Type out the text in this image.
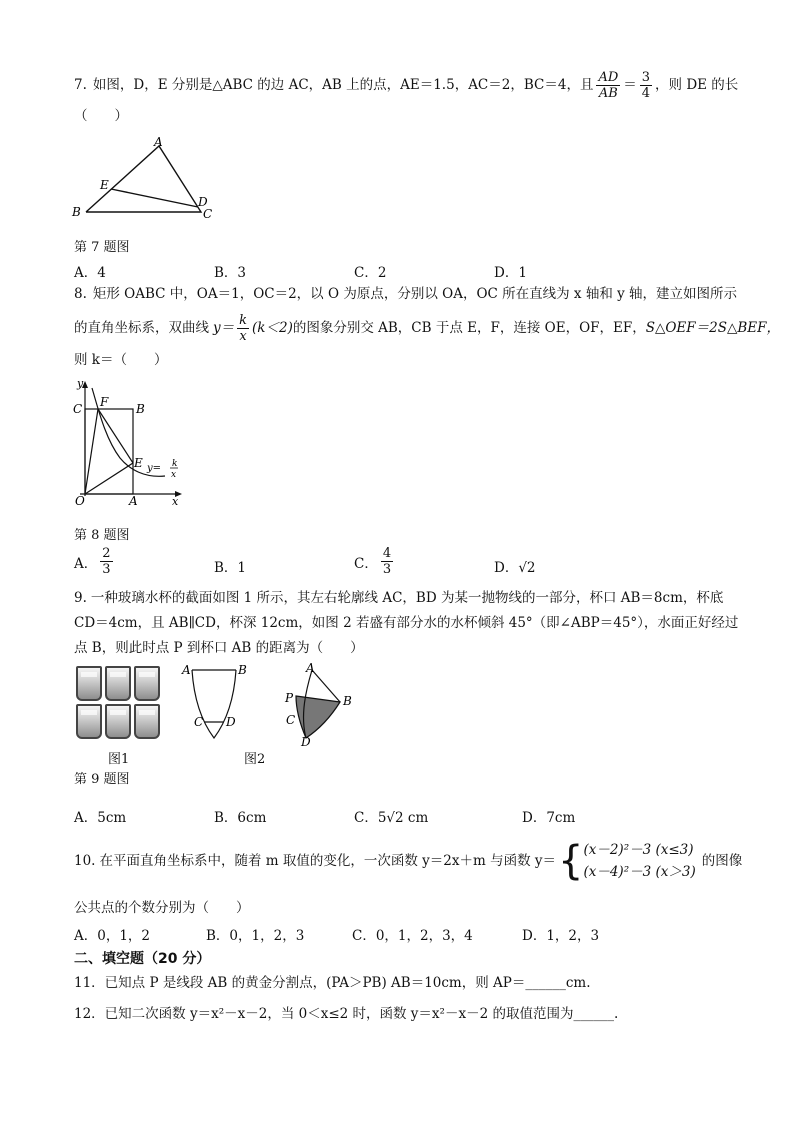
7. 如图，D，E 分别是△ABC 的边 AC，AB 上的点，AE＝1.5，AC＝2，BC＝4，且 $\frac{AD}{AB} = \frac{3}{4}$ ，则 DE 的长
（　　）
A
E
D
B	C
第 7 题图
A．4	B．3	C．2	D．1
8. 矩形 OABC 中，OA＝1，OC＝2，以 O 为原点，分别以 OA，OC 所在直线为 x 轴和 y 轴，建立如图所示
的直角坐标系，双曲线 $y= \frac{k}{x} (k<2)$ 的图象分别交 AB，CB 于点 E，F，连接 OE，OF，EF， S△OEF＝2S△BEF，
则 k＝（　　）
y
C F B
E y= k
x
O	A	x
第 8 题图
A． $\frac{2}{3}$	B．1	C． $\frac{4}{3}$	D．√2
9. 一种玻璃水杯的截面如图 1 所示，其左右轮廓线 AC，BD 为某一抛物线的一部分，杯口 AB＝8cm，杯底
CD＝4cm，且 AB∥CD，杯深 12cm，如图 2 若盛有部分水的水杯倾斜 45°（即∠ABP＝45°），水面正好经过
点 B，则此时点 P 到杯口 AB 的距离为（　　）
图1
A	B
C D
图2
A
P	B
C
D
第 9 题图
A．5cm	B．6cm	C．5√2 cm	D．7cm
10. 在平面直角坐标系中，随着 m 取值的变化，一次函数 y＝2x＋m 与函数 y＝ { (x－2)²－3 (x≤3)
(x－4)²－3 (x＞3)
的图像
公共点的个数分别为（　　）
A．0，1，2	B．0，1，2，3	C．0，1，2，3，4	D．1，2，3
二、填空题（20 分）
11．已知点 P 是线段 AB 的黄金分割点，(PA＞PB) AB＝10cm，则 AP＝______cm.
12．已知二次函数 y＝x²－x－2，当 0＜x≤2 时，函数 y＝x²－x－2 的取值范围为______.
